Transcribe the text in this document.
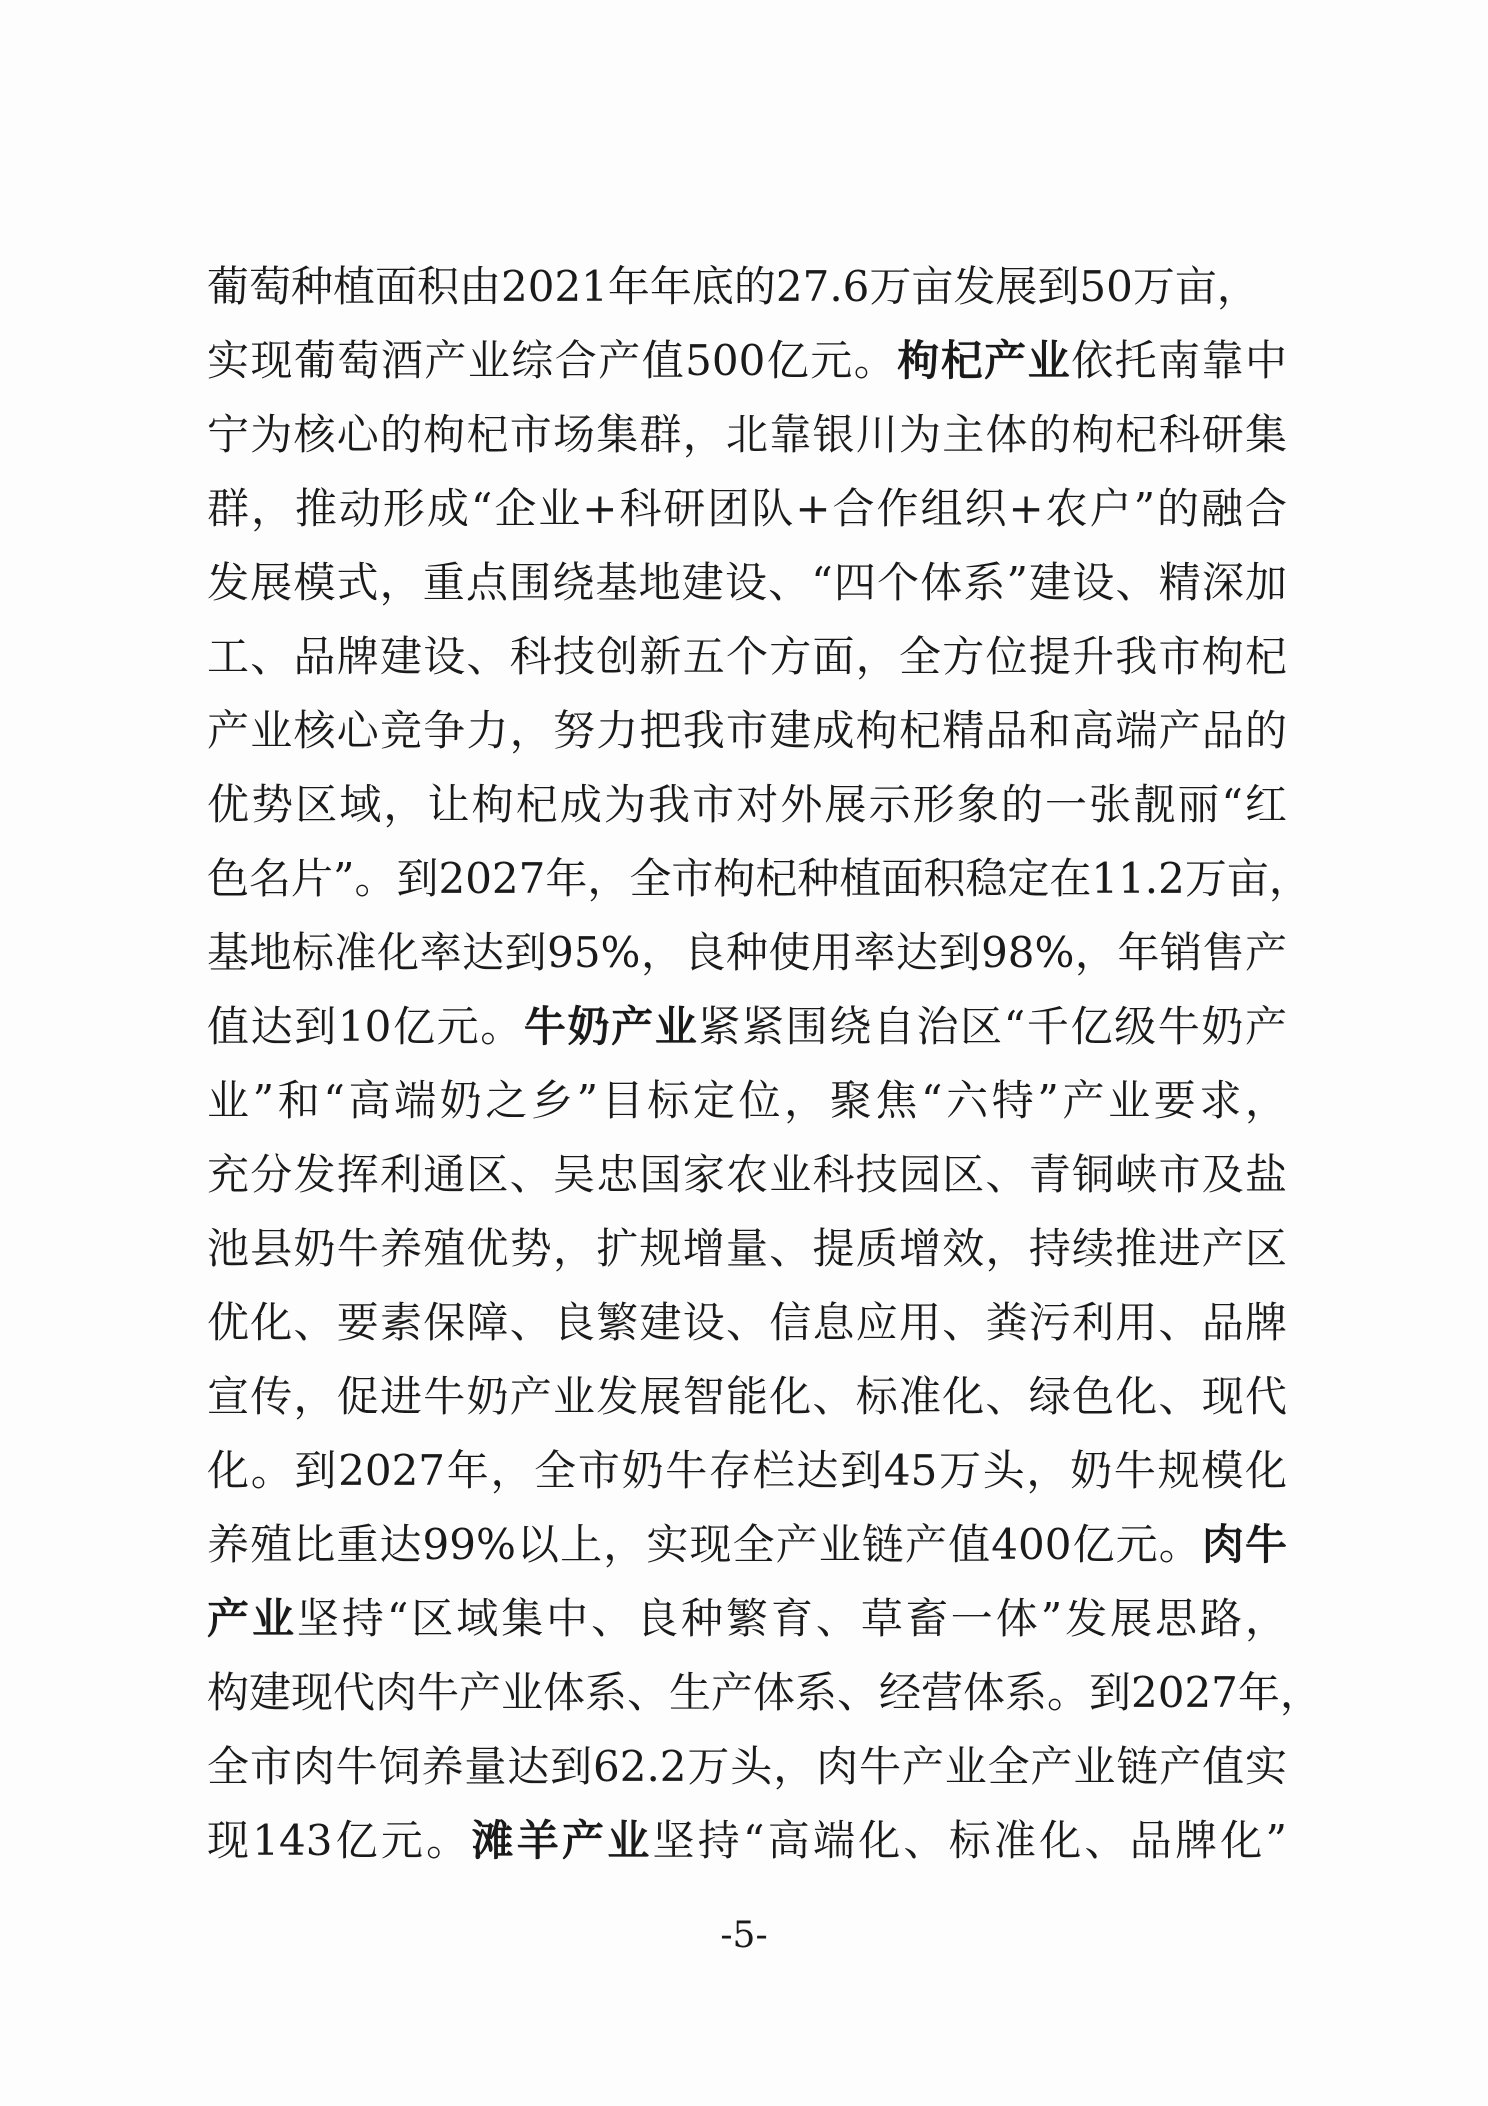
葡萄种植面积由2021年年底的27.6万亩发展到50万亩，
实现葡萄酒产业综合产值500亿元。枸杞产业依托南靠中
宁为核心的枸杞市场集群，北靠银川为主体的枸杞科研集
群，推动形成“企业+科研团队+合作组织+农户”的融合
发展模式，重点围绕基地建设、“四个体系”建设、精深加
工、品牌建设、科技创新五个方面，全方位提升我市枸杞
产业核心竞争力，努力把我市建成枸杞精品和高端产品的
优势区域，让枸杞成为我市对外展示形象的一张靓丽“红
色名片”。到2027年，全市枸杞种植面积稳定在11.2万亩，
基地标准化率达到95%，良种使用率达到98%，年销售产
值达到10亿元。牛奶产业紧紧围绕自治区“千亿级牛奶产
业”和“高端奶之乡”目标定位，聚焦“六特”产业要求，
充分发挥利通区、吴忠国家农业科技园区、青铜峡市及盐
池县奶牛养殖优势，扩规增量、提质增效，持续推进产区
优化、要素保障、良繁建设、信息应用、粪污利用、品牌
宣传，促进牛奶产业发展智能化、标准化、绿色化、现代
化。到2027年，全市奶牛存栏达到45万头，奶牛规模化
养殖比重达99%以上，实现全产业链产值400亿元。肉牛
产业坚持“区域集中、良种繁育、草畜一体”发展思路，
构建现代肉牛产业体系、生产体系、经营体系。到2027年，
全市肉牛饲养量达到62.2万头，肉牛产业全产业链产值实
现143亿元。滩羊产业坚持“高端化、标准化、品牌化”
-5-
